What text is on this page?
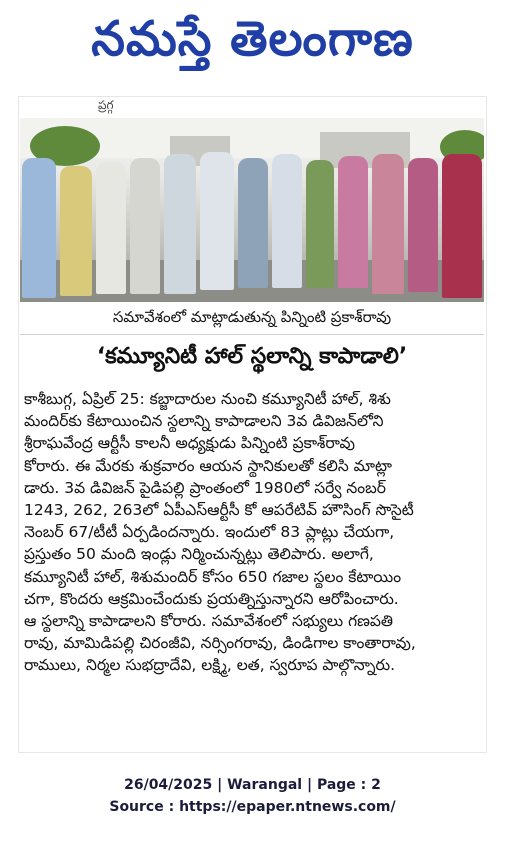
నమస్తే తెలంగాణ
ప్రగ్గ
సమావేశంలో మాట్లాడుతున్న పిన్నింటి ప్రకాశ్‌రావు
‘కమ్యూనిటీ హాల్ స్థలాన్ని కాపాడాలి’
కాశీబుగ్గ, ఏప్రిల్ 25: కబ్జాదారుల నుంచి కమ్యూనిటీ హాల్, శిశు
మందిర్‌కు కేటాయించిన స్థలాన్ని కాపాడాలని 3వ డివిజన్‌లోని
శ్రీరాఘవేంద్ర ఆర్టీసీ కాలనీ అధ్యక్షుడు పిన్నింటి ప్రకాశ్‌రావు
కోరారు. ఈ మేరకు శుక్రవారం ఆయన స్థానికులతో కలిసి మాట్లా
డారు. 3వ డివిజన్ పైడిపల్లి ప్రాంతంలో 1980లో సర్వే నంబర్
1243, 262, 263లో ఏపీఎస్ఆర్టీసీ కో ఆపరేటివ్ హౌసింగ్ సొసైటీ
నెంబర్ 67/టీటీ ఏర్పడిందన్నారు. ఇందులో 83 ప్లాట్లు చేయగా,
ప్రస్తుతం 50 మంది ఇండ్లు నిర్మించున్నట్లు తెలిపారు. అలాగే,
కమ్యూనిటీ హాల్, శిశుమందిర్ కోసం 650 గజాల స్థలం కేటాయిం
చగా, కొందరు ఆక్రమించేందుకు ప్రయత్నిస్తున్నారని ఆరోపించారు.
ఆ స్థలాన్ని కాపాడాలని కోరారు. సమావేశంలో సభ్యులు గణపతి
రావు, మామిడిపల్లి చిరంజీవి, నర్సింగరావు, డిండిగాల కాంతారావు,
రాములు, నిర్మల సుభద్రాదేవి, లక్ష్మి, లత, స్వరూప పాల్గొన్నారు.
26/04/2025 | Warangal | Page : 2
Source : https://epaper.ntnews.com/
